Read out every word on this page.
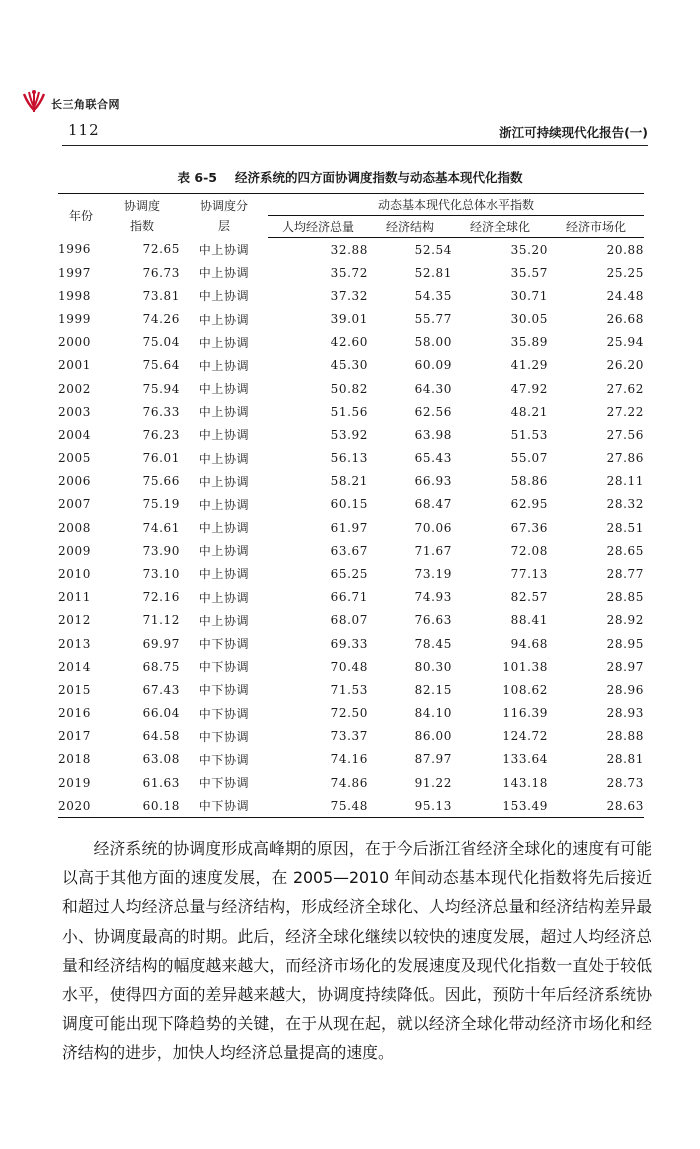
长三角联合网
112	浙江可持续现代化报告(一)
表 6-5 经济系统的四方面协调度指数与动态基本现代化指数
年份	协调度指数	协调度分层	动态基本现代化总体水平指数			
			人均经济总量	经济结构	经济全球化	经济市场化
1996	72.65	中上协调	32.88	52.54	35.20	20.88
1997	76.73	中上协调	35.72	52.81	35.57	25.25
1998	73.81	中上协调	37.32	54.35	30.71	24.48
1999	74.26	中上协调	39.01	55.77	30.05	26.68
2000	75.04	中上协调	42.60	58.00	35.89	25.94
2001	75.64	中上协调	45.30	60.09	41.29	26.20
2002	75.94	中上协调	50.82	64.30	47.92	27.62
2003	76.33	中上协调	51.56	62.56	48.21	27.22
2004	76.23	中上协调	53.92	63.98	51.53	27.56
2005	76.01	中上协调	56.13	65.43	55.07	27.86
2006	75.66	中上协调	58.21	66.93	58.86	28.11
2007	75.19	中上协调	60.15	68.47	62.95	28.32
2008	74.61	中上协调	61.97	70.06	67.36	28.51
2009	73.90	中上协调	63.67	71.67	72.08	28.65
2010	73.10	中上协调	65.25	73.19	77.13	28.77
2011	72.16	中上协调	66.71	74.93	82.57	28.85
2012	71.12	中上协调	68.07	76.63	88.41	28.92
2013	69.97	中下协调	69.33	78.45	94.68	28.95
2014	68.75	中下协调	70.48	80.30	101.38	28.97
2015	67.43	中下协调	71.53	82.15	108.62	28.96
2016	66.04	中下协调	72.50	84.10	116.39	28.93
2017	64.58	中下协调	73.37	86.00	124.72	28.88
2018	63.08	中下协调	74.16	87.97	133.64	28.81
2019	61.63	中下协调	74.86	91.22	143.18	28.73
2020	60.18	中下协调	75.48	95.13	153.49	28.63

经济系统的协调度形成高峰期的原因，在于今后浙江省经济全球化的速度有可能以高于其他方面的速度发展，在 2005—2010 年间动态基本现代化指数将先后接近和超过人均经济总量与经济结构，形成经济全球化、人均经济总量和经济结构差异最小、协调度最高的时期。此后，经济全球化继续以较快的速度发展，超过人均经济总量和经济结构的幅度越来越大，而经济市场化的发展速度及现代化指数一直处于较低水平，使得四方面的差异越来越大，协调度持续降低。因此，预防十年后经济系统协调度可能出现下降趋势的关键，在于从现在起，就以经济全球化带动经济市场化和经济结构的进步，加快人均经济总量提高的速度。
